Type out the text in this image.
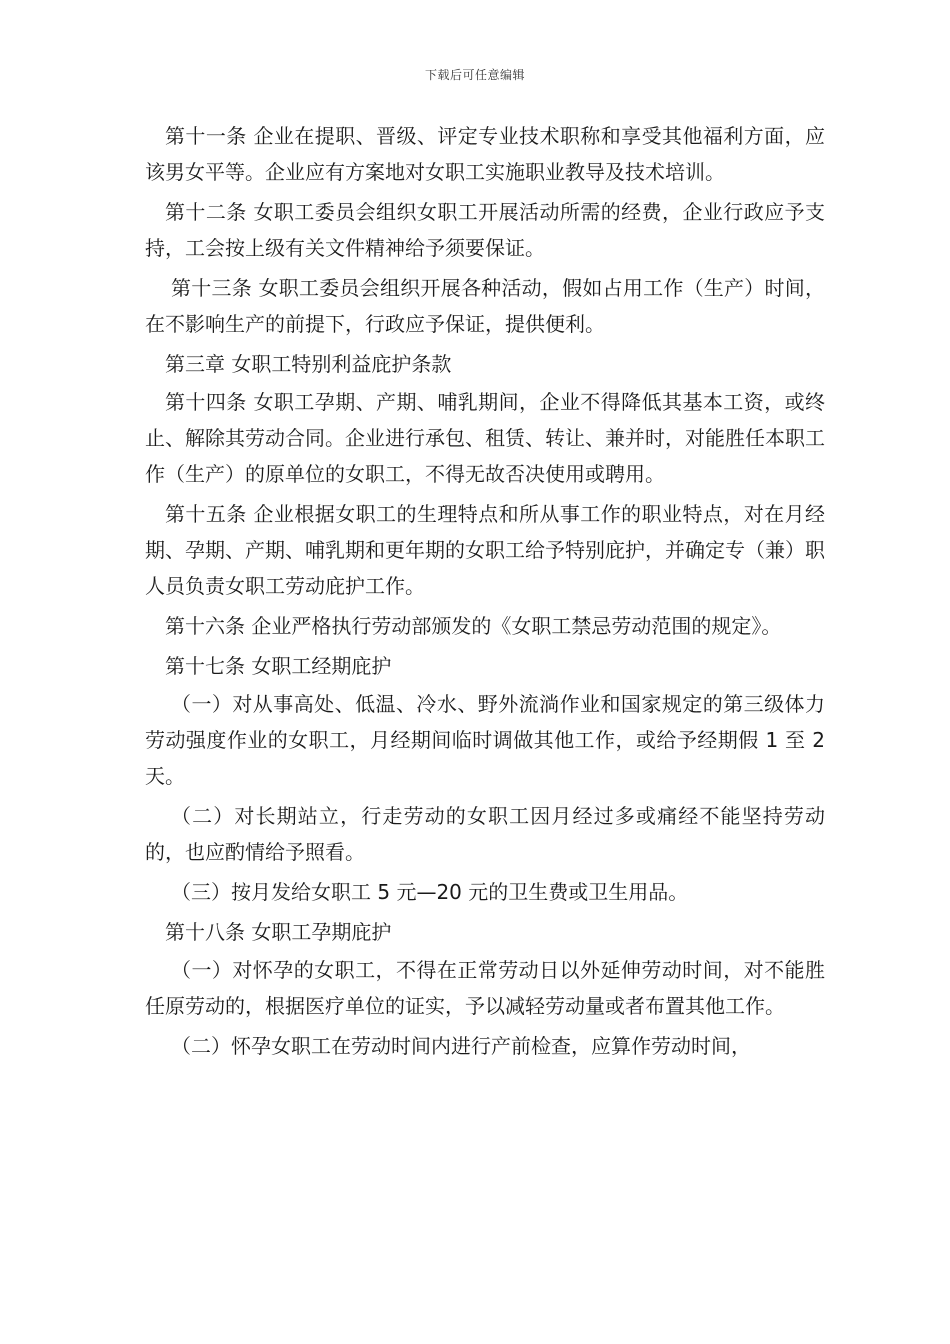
下载后可任意编辑

第十一条 企业在提职、晋级、评定专业技术职称和享受其他福利方面，应该男女平等。企业应有方案地对女职工实施职业教导及技术培训。

第十二条 女职工委员会组织女职工开展活动所需的经费，企业行政应予支持，工会按上级有关文件精神给予须要保证。

第十三条 女职工委员会组织开展各种活动，假如占用工作（生产）时间，在不影响生产的前提下，行政应予保证，提供便利。

第三章 女职工特别利益庇护条款

第十四条 女职工孕期、产期、哺乳期间，企业不得降低其基本工资，或终止、解除其劳动合同。企业进行承包、租赁、转让、兼并时，对能胜任本职工作（生产）的原单位的女职工，不得无故否决使用或聘用。

第十五条 企业根据女职工的生理特点和所从事工作的职业特点，对在月经期、孕期、产期、哺乳期和更年期的女职工给予特别庇护，并确定专（兼）职人员负责女职工劳动庇护工作。

第十六条 企业严格执行劳动部颁发的《女职工禁忌劳动范围的规定》。

第十七条 女职工经期庇护

（一）对从事高处、低温、冷水、野外流淌作业和国家规定的第三级体力劳动强度作业的女职工，月经期间临时调做其他工作，或给予经期假 1 至 2 天。

（二）对长期站立，行走劳动的女职工因月经过多或痛经不能坚持劳动的，也应酌情给予照看。

（三）按月发给女职工 5 元—20 元的卫生费或卫生用品。

第十八条 女职工孕期庇护

（一）对怀孕的女职工，不得在正常劳动日以外延伸劳动时间，对不能胜任原劳动的，根据医疗单位的证实，予以减轻劳动量或者布置其他工作。

（二）怀孕女职工在劳动时间内进行产前检查，应算作劳动时间，
